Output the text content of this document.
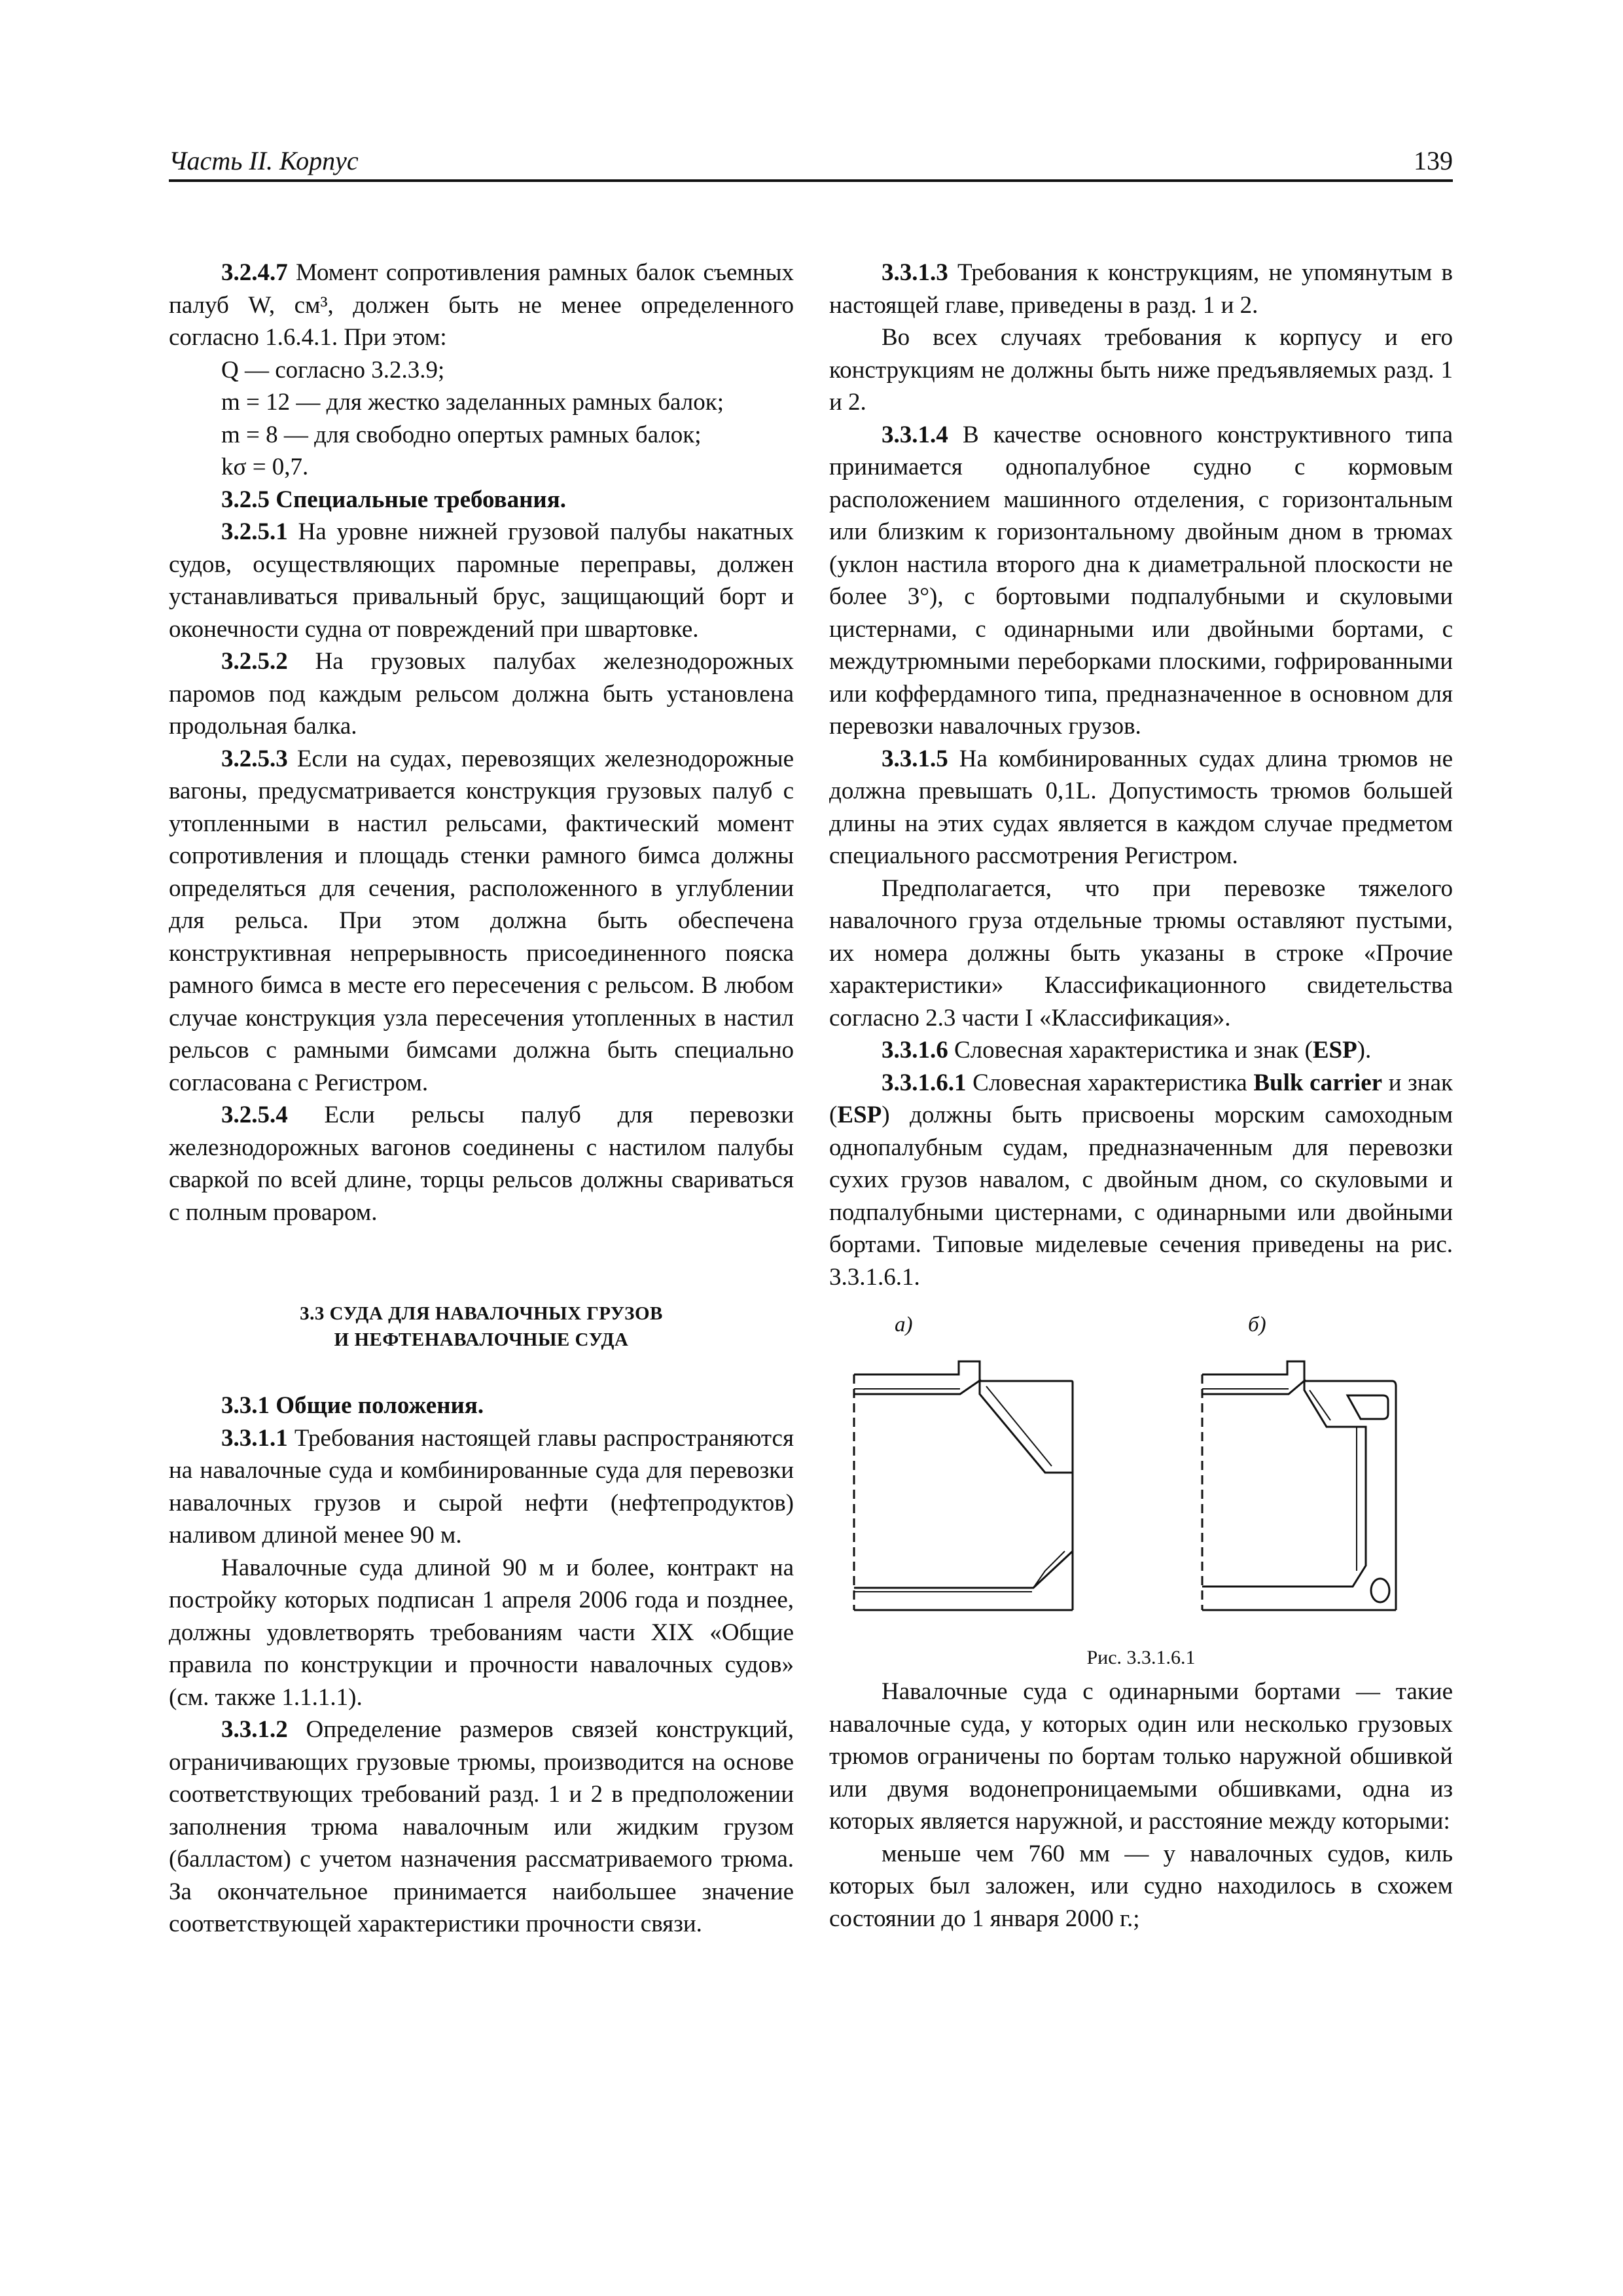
Часть II. Корпус	139

3.2.4.7 Момент сопротивления рамных балок съемных палуб W, см³, должен быть не менее определенного согласно 1.6.4.1. При этом:

Q — согласно 3.2.3.9;

m = 12 — для жестко заделанных рамных балок;

m = 8 — для свободно опертых рамных балок;

kσ = 0,7.

3.2.5 Специальные требования.

3.2.5.1 На уровне нижней грузовой палубы накатных судов, осуществляющих паромные переправы, должен устанавливаться привальный брус, защищающий борт и оконечности судна от повреждений при швартовке.

3.2.5.2 На грузовых палубах железнодорожных паромов под каждым рельсом должна быть установлена продольная балка.

3.2.5.3 Если на судах, перевозящих железнодорожные вагоны, предусматривается конструкция грузовых палуб с утопленными в настил рельсами, фактический момент сопротивления и площадь стенки рамного бимса должны определяться для сечения, расположенного в углублении для рельса. При этом должна быть обеспечена конструктивная непрерывность присоединенного пояска рамного бимса в месте его пересечения с рельсом. В любом случае конструкция узла пересечения утопленных в настил рельсов с рамными бимсами должна быть специально согласована с Регистром.

3.2.5.4 Если рельсы палуб для перевозки железнодорожных вагонов соединены с настилом палубы сваркой по всей длине, торцы рельсов должны свариваться с полным проваром.

3.3 СУДА ДЛЯ НАВАЛОЧНЫХ ГРУЗОВ
И НЕФТЕНАВАЛОЧНЫЕ СУДА

3.3.1 Общие положения.

3.3.1.1 Требования настоящей главы распространяются на навалочные суда и комбинированные суда для перевозки навалочных грузов и сырой нефти (нефтепродуктов) наливом длиной менее 90 м.

Навалочные суда длиной 90 м и более, контракт на постройку которых подписан 1 апреля 2006 года и позднее, должны удовлетворять требованиям части XIX «Общие правила по конструкции и прочности навалочных судов» (см. также 1.1.1.1).

3.3.1.2 Определение размеров связей конструкций, ограничивающих грузовые трюмы, производится на основе соответствующих требований разд. 1 и 2 в предположении заполнения трюма навалочным или жидким грузом (балластом) с учетом назначения рассматриваемого трюма. За окончательное принимается наибольшее значение соответствующей характеристики прочности связи.

3.3.1.3 Требования к конструкциям, не упомянутым в настоящей главе, приведены в разд. 1 и 2.

Во всех случаях требования к корпусу и его конструкциям не должны быть ниже предъявляемых разд. 1 и 2.

3.3.1.4 В качестве основного конструктивного типа принимается однопалубное судно с кормовым расположением машинного отделения, с горизонтальным или близким к горизонтальному двойным дном в трюмах (уклон настила второго дна к диаметральной плоскости не более 3°), с бортовыми подпалубными и скуловыми цистернами, с одинарными или двойными бортами, с междутрюмными переборками плоскими, гофрированными или коффердамного типа, предназначенное в основном для перевозки навалочных грузов.

3.3.1.5 На комбинированных судах длина трюмов не должна превышать 0,1L. Допустимость трюмов большей длины на этих судах является в каждом случае предметом специального рассмотрения Регистром.

Предполагается, что при перевозке тяжелого навалочного груза отдельные трюмы оставляют пустыми, их номера должны быть указаны в строке «Прочие характеристики» Классификационного свидетельства согласно 2.3 части I «Классификация».

3.3.1.6 Словесная характеристика и знак (ESP).

3.3.1.6.1 Словесная характеристика Bulk carrier и знак (ESP) должны быть присвоены морским самоходным однопалубным судам, предназначенным для перевозки сухих грузов навалом, с двойным дном, со скуловыми и подпалубными цистернами, с одинарными или двойными бортами. Типовые миделевые сечения приведены на рис. 3.3.1.6.1.

а)	б)
Рис. 3.3.1.6.1

Навалочные суда с одинарными бортами — такие навалочные суда, у которых один или несколько грузовых трюмов ограничены по бортам только наружной обшивкой или двумя водонепроницаемыми обшивками, одна из которых является наружной, и расстояние между которыми:

меньше чем 760 мм — у навалочных судов, киль которых был заложен, или судно находилось в схожем состоянии до 1 января 2000 г.;
